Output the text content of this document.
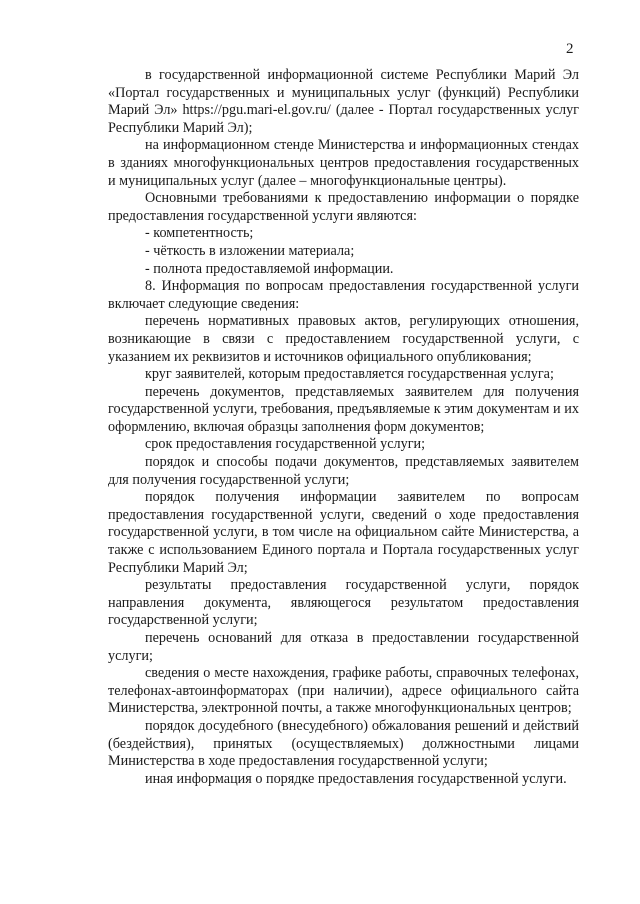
2

в государственной информационной системе Республики Марий Эл «Портал государственных и муниципальных услуг (функций) Республики Марий Эл» https://pgu.mari-el.gov.ru/ (далее - Портал государственных услуг Республики Марий Эл);

на информационном стенде Министерства и информационных стендах в зданиях многофункциональных центров предоставления государственных и муниципальных услуг (далее – многофункциональные центры).

Основными требованиями к предоставлению информации о порядке предоставления государственной услуги являются:

- компетентность;

- чёткость в изложении материала;

- полнота предоставляемой информации.

8. Информация по вопросам предоставления государственной услуги включает следующие сведения:

перечень нормативных правовых актов, регулирующих отношения, возникающие в связи с предоставлением государственной услуги, с указанием их реквизитов и источников официального опубликования;

круг заявителей, которым предоставляется государственная услуга;

перечень документов, представляемых заявителем для получения государственной услуги, требования, предъявляемые к этим документам и их оформлению, включая образцы заполнения форм документов;

срок предоставления государственной услуги;

порядок и способы подачи документов, представляемых заявителем для получения государственной услуги;

порядок получения информации заявителем по вопросам предоставления государственной услуги, сведений о ходе предоставления государственной услуги, в том числе на официальном сайте Министерства, а также с использованием Единого портала и Портала государственных услуг Республики Марий Эл;

результаты предоставления государственной услуги, порядок направления документа, являющегося результатом предоставления государственной услуги;

перечень оснований для отказа в предоставлении государственной услуги;

сведения о месте нахождения, графике работы, справочных телефонах, телефонах-автоинформаторах (при наличии), адресе официального сайта Министерства, электронной почты, а также многофункциональных центров;

порядок досудебного (внесудебного) обжалования решений и действий (бездействия), принятых (осуществляемых) должностными лицами Министерства в ходе предоставления государственной услуги;

иная информация о порядке предоставления государственной услуги.
